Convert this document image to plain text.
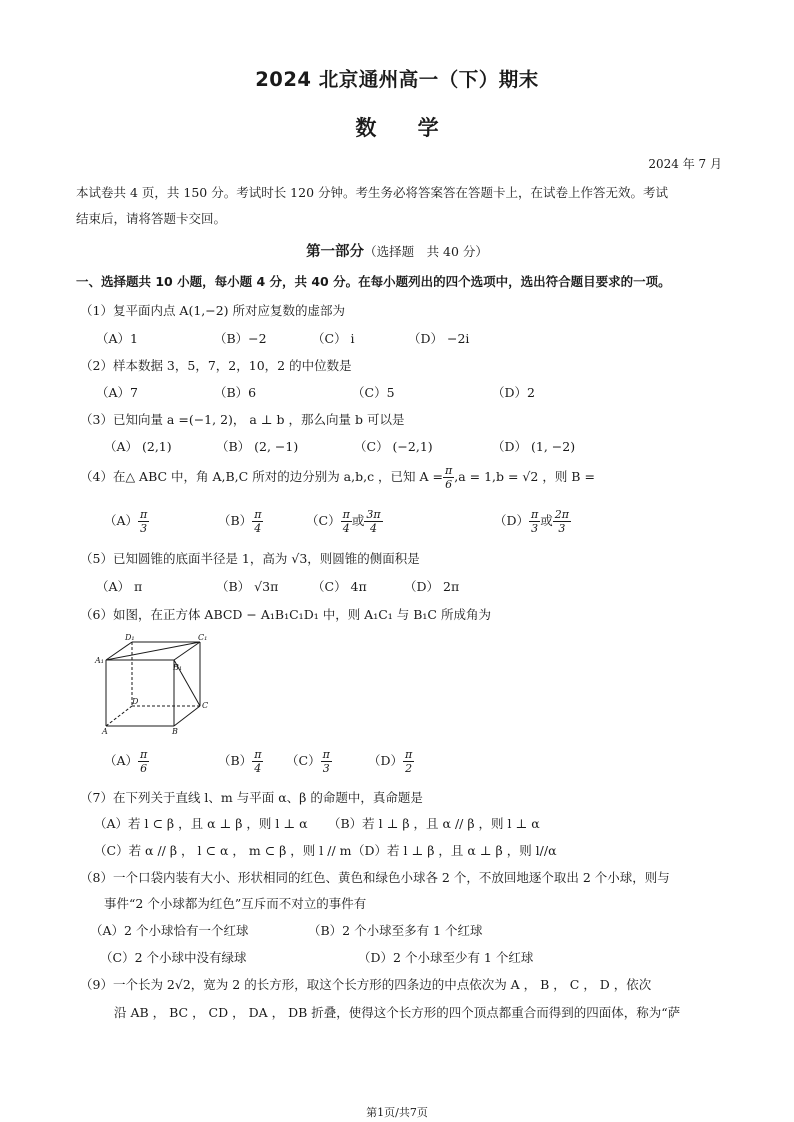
2024 北京通州高一（下）期末
数 学
2024 年 7 月
本试卷共 4 页，共 150 分。考试时长 120 分钟。考生务必将答案答在答题卡上，在试卷上作答无效。考试
结束后，请将答题卡交回。
第一部分（选择题　共 40 分）
一、选择题共 10 小题，每小题 4 分，共 40 分。在每小题列出的四个选项中，选出符合题目要求的一项。
（1）复平面内点 A(1,−2) 所对应复数的虚部为
（A）1	（B）−2	（C） i	（D） −2i
（2）样本数据 3，5，7，2，10，2 的中位数是
（A）7	（B）6	（C）5	（D）2
（3）已知向量 a =(−1, 2)， a ⊥ b ，那么向量 b 可以是
（A） (2,1)	（B） (2, −1)	（C） (−2,1)	（D） (1, −2)
（4）在△ ABC 中，角 A,B,C 所对的边分别为 a,b,c ，已知 $A = \frac{\pi}{6} ,a = 1,b = √2$ ，则 B =
$(A) \frac{\pi}{3}$	$(B) \frac{\pi}{4}$	$(C) \frac{\pi}{4}$ 或 $\frac{3\pi}{4}$	$(D) \frac{\pi}{3}$ 或 $\frac{2\pi}{3}$
（5）已知圆锥的底面半径是 1，高为 √3，则圆锥的侧面积是
（A） π	（B） √3π	（C） 4π	（D） 2π
（6）如图，在正方体 ABCD − A₁B₁C₁D₁ 中，则 A₁C₁ 与 B₁C 所成角为
D₁	C₁
A₁
B₁
D	C
A	B
$(A) \frac{\pi}{6}$	$(B) \frac{\pi}{4} (C) \frac{\pi}{3}$	$(D) \frac{\pi}{2}$
（7）在下列关于直线 l、m 与平面 α、β 的命题中，真命题是
（A）若 l ⊂ β ，且 α ⊥ β ，则 l ⊥ α （B）若 l ⊥ β ，且 α // β ，则 l ⊥ α
（C）若 α // β ， l ⊂ α ， m ⊂ β ，则 l // m （D）若 l ⊥ β ，且 α ⊥ β ，则 l//α
（8）一个口袋内装有大小、形状相同的红色、黄色和绿色小球各 2 个，不放回地逐个取出 2 个小球，则与
事件“2 个小球都为红色”互斥而不对立的事件有
（A）2 个小球恰有一个红球	（B）2 个小球至多有 1 个红球
（C）2 个小球中没有绿球	（D）2 个小球至少有 1 个红球
（9）一个长为 2√2，宽为 2 的长方形，取这个长方形的四条边的中点依次为 A ， B ， C ， D ，依次
沿 AB ， BC ， CD ， DA ， DB 折叠，使得这个长方形的四个顶点都重合而得到的四面体，称为“萨
第1页/共7页
